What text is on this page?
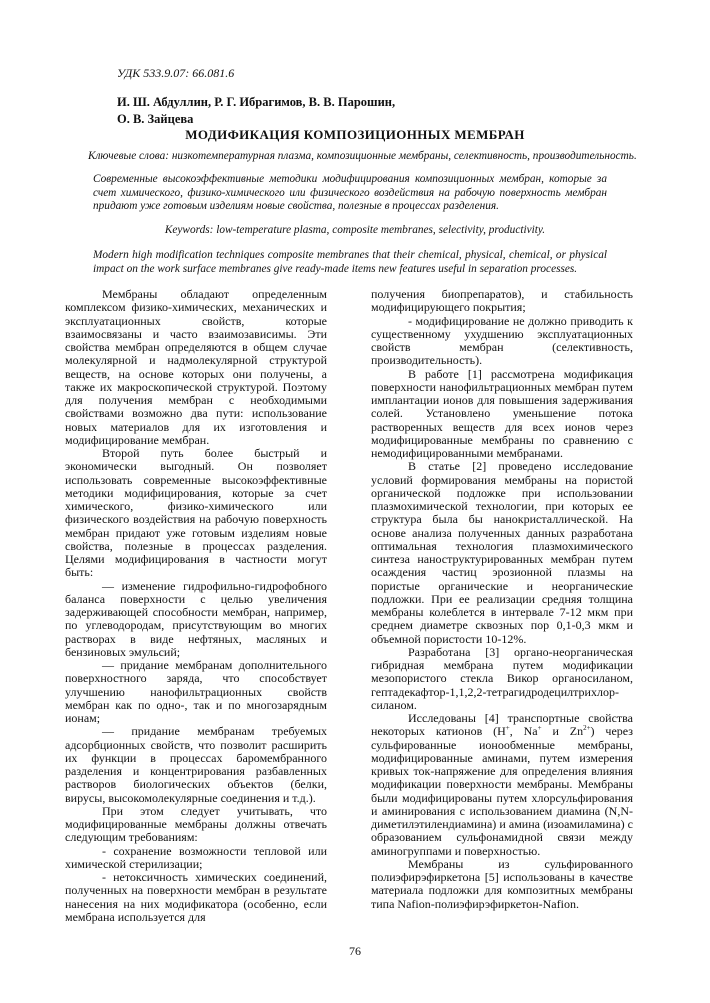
УДК 533.9.07: 66.081.6
И. Ш. Абдуллин, Р. Г. Ибрагимов, В. В. Парошин,
О. В. Зайцева
МОДИФИКАЦИЯ КОМПОЗИЦИОННЫХ МЕМБРАН
Ключевые слова: низкотемпературная плазма, композиционные мембраны, селективность, производительность.
Современные высокоэффективные методики модифицирования композиционных мембран, которые за счет химического, физико-химического или физического воздействия на рабочую поверхность мембран придают уже готовым изделиям новые свойства, полезные в процессах разделения.
Keywords: low-temperature plasma, composite membranes, selectivity, productivity.
Modern high modification techniques composite membranes that their chemical, physical, chemical, or physical impact on the work surface membranes give ready-made items new features useful in separation processes.

Мембраны обладают определенным комплексом физико-химических, механических и эксплуатационных свойств, которые взаимосвязаны и часто взаимозависимы. Эти свойства мембран определяются в общем случае молекулярной и надмолекулярной структурой веществ, на основе которых они получены, а также их макроскопической структурой. Поэтому для получения мембран с необходимыми свойствами возможно два пути: использование новых материалов для их изготовления и модифицирование мембран.

Второй путь более быстрый и экономически выгодный. Он позволяет использовать современные высокоэффективные методики модифицирования, которые за счет химического, физико-химического или физического воздействия на рабочую поверхность мембран придают уже готовым изделиям новые свойства, полезные в процессах разделения. Целями модифицирования в частности могут быть:

— изменение гидрофильно-гидрофобного баланса поверхности с целью увеличения задерживающей способности мембран, например, по углеводородам, присутствующим во многих растворах в виде нефтяных, масляных и бензиновых эмульсий;

— придание мембранам дополнительного поверхностного заряда, что способствует улучшению нанофильтрационных свойств мембран как по одно-, так и по многозарядным ионам;

— придание мембранам требуемых адсорбционных свойств, что позволит расширить их функции в процессах баромембранного разделения и концентрирования разбавленных растворов биологических объектов (белки, вирусы, высокомолекулярные соединения и т.д.).

При этом следует учитывать, что модифицированные мембраны должны отвечать следующим требованиям:

- сохранение возможности тепловой или химической стерилизации;

- нетоксичность химических соединений, полученных на поверхности мембран в результате нанесения на них модификатора (особенно, если мембрана используется для

получения биопрепаратов), и стабильность модифицирующего покрытия;

- модифицирование не должно приводить к существенному ухудшению эксплуатационных свойств мембран (селективность, производительность).

В работе [1] рассмотрена модификация поверхности нанофильтрационных мембран путем имплантации ионов для повышения задерживания солей. Установлено уменьшение потока растворенных веществ для всех ионов через модифицированные мембраны по сравнению с немодифицированными мембранами.

В статье [2] проведено исследование условий формирования мембраны на пористой органической подложке при использовании плазмохимической технологии, при которых ее структура была бы нанокристаллической. На основе анализа полученных данных разработана оптимальная технология плазмохимического синтеза наноструктурированных мембран путем осаждения частиц эрозионной плазмы на пористые органические и неорганические подложки. При ее реализации средняя толщина мембраны колеблется в интервале 7-12 мкм при среднем диаметре сквозных пор 0,1-0,3 мкм и объемной пористости 10-12%.

Разработана [3] органо-неорганическая гибридная мембрана путем модификации мезопористого стекла Викор органосиланом, гептадекафтор-1,1,2,2-тетрагидродецилтрихлор-силаном.

Исследованы [4] транспортные свойства некоторых катионов (H+, Na+ и $Zn^{2+}$) через сульфированные ионообменные мембраны, модифицированные аминами, путем измерения кривых ток-напряжение для определения влияния модификации поверхности мембраны. Мембраны были модифицированы путем хлорсульфирования и аминирования с использованием диамина (N,N-диметилэтилендиамина) и амина (изоамиламина) с образованием сульфонамидной связи между аминогруппами и поверхностью.

Мембраны из сульфированного полиэфирэфиркетона [5] использованы в качестве материала подложки для композитных мембраны типа Nafion-полиэфирэфиркетон-Nafion.

76
